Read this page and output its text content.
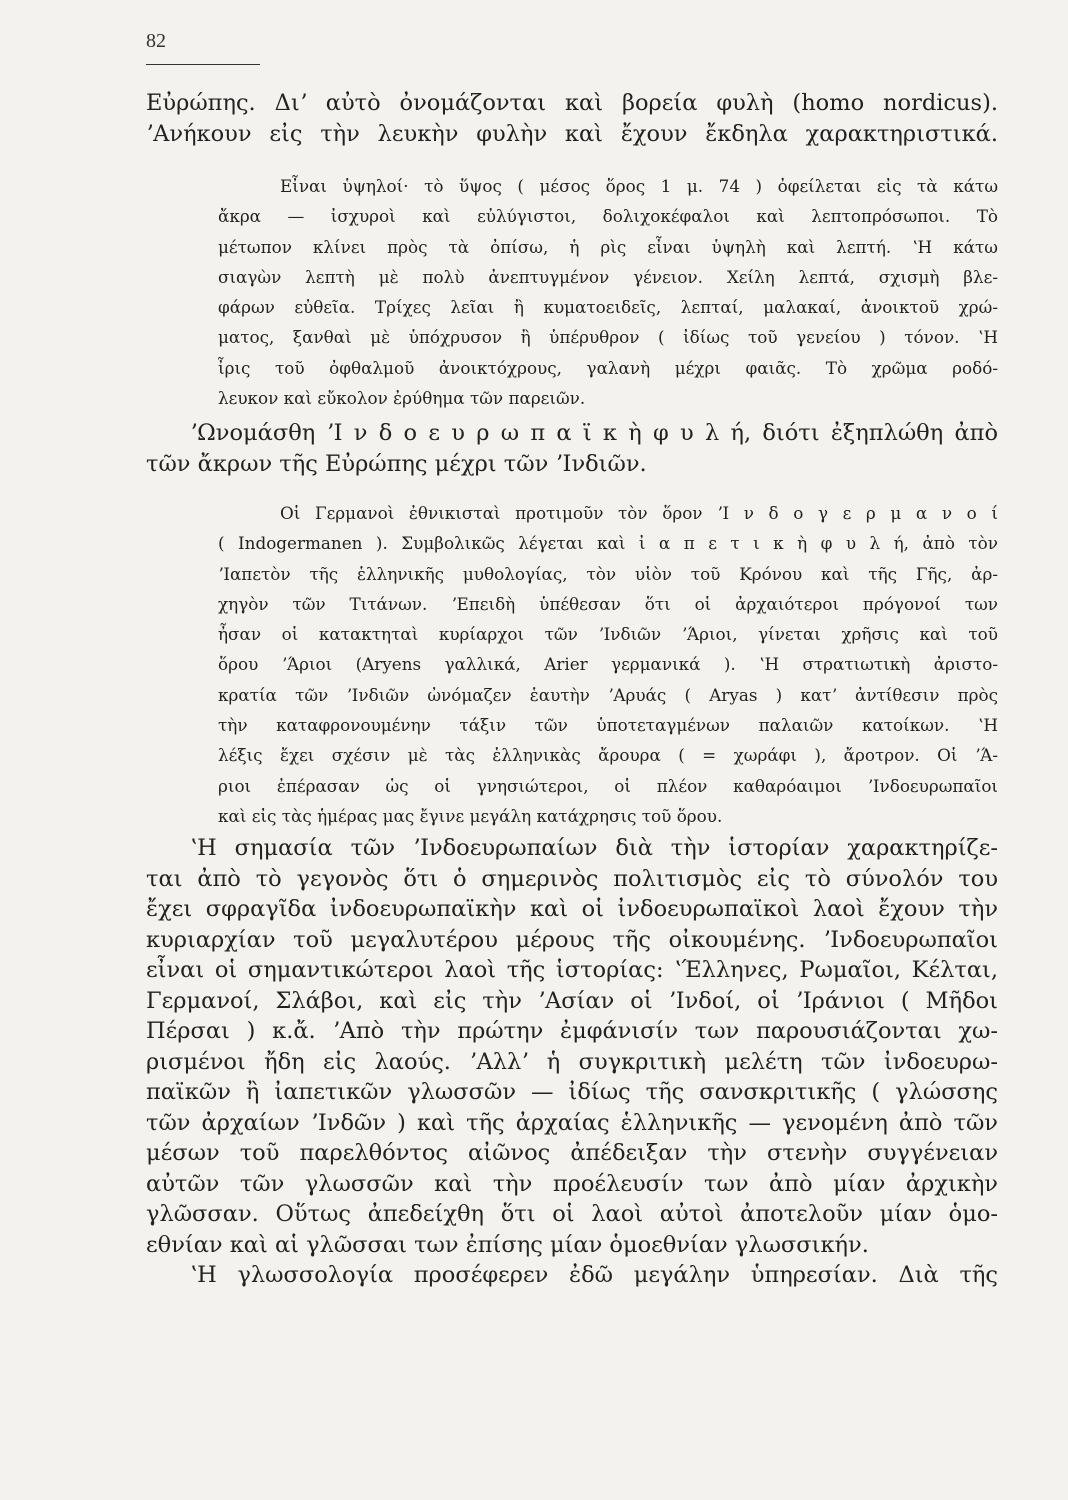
82
Εὐρώπης. Διʼ αὐτὸ ὀνομάζονται καὶ βορεία φυλὴ (homo nordicus).
ʼΑνήκουν εἰς τὴν λευκὴν φυλὴν καὶ ἔχουν ἔκδηλα χαρακτηριστικά.
Εἶναι ὑψηλοί· τὸ ὕψος ( μέσος ὅρος 1 μ. 74 ) ὀφείλεται εἰς τὰ κάτω
ἄκρα — ἰσχυροὶ καὶ εὐλύγιστοι, δολιχοκέφαλοι καὶ λεπτοπρόσωποι. Τὸ
μέτωπον κλίνει πρὸς τὰ ὀπίσω, ἡ ρὶς εἶναι ὑψηλὴ καὶ λεπτή. ʽΗ κάτω
σιαγὼν λεπτὴ μὲ πολὺ ἀνεπτυγμένον γένειον. Χείλη λεπτά, σχισμὴ βλε-
φάρων εὐθεῖα. Τρίχες λεῖαι ἢ κυματοειδεῖς, λεπταί, μαλακαί, ἀνοικτοῦ χρώ-
ματος, ξανθαὶ μὲ ὑπόχρυσον ἢ ὑπέρυθρον ( ἰδίως τοῦ γενείου ) τόνον. ʽΗ
ἶρις τοῦ ὀφθαλμοῦ ἀνοικτόχρους, γαλανὴ μέχρι φαιᾶς. Τὸ χρῶμα ροδό-
λευκον καὶ εὔκολον ἐρύθημα τῶν παρειῶν.
ʼΩνομάσθη ʼΙ ν δ ο ε υ ρ ω π α ϊ κ ὴ φ υ λ ή, διότι ἐξηπλώθη ἀπὸ
τῶν ἄκρων τῆς Εὐρώπης μέχρι τῶν ʼΙνδιῶν.
Οἱ Γερμανοὶ ἐθνικισταὶ προτιμοῦν τὸν ὅρον ʼΙ ν δ ο γ ε ρ μ α ν ο ί
( Indogermanen ). Συμβολικῶς λέγεται καὶ ἰ α π ε τ ι κ ὴ φ υ λ ή, ἀπὸ τὸν
ʼΙαπετὸν τῆς ἑλληνικῆς μυθολογίας, τὸν υἱὸν τοῦ Κρόνου καὶ τῆς Γῆς, ἀρ-
χηγὸν τῶν Τιτάνων. ʼΕπειδὴ ὑπέθεσαν ὅτι οἱ ἀρχαιότεροι πρόγονοί των
ἦσαν οἱ κατακτηταὶ κυρίαρχοι τῶν ʼΙνδιῶν ʼΆριοι, γίνεται χρῆσις καὶ τοῦ
ὅρου ʼΆριοι (Aryens γαλλικά, Arier γερμανικά ). ʽΗ στρατιωτικὴ ἀριστο-
κρατία τῶν ʼΙνδιῶν ὠνόμαζεν ἑαυτὴν ʼΑρυάς ( Aryas ) κατʼ ἀντίθεσιν πρὸς
τὴν καταφρονουμένην τάξιν τῶν ὑποτεταγμένων παλαιῶν κατοίκων. ʽΗ
λέξις ἔχει σχέσιν μὲ τὰς ἑλληνικὰς ἄρουρα ( = χωράφι ), ἄροτρον. Οἱ ʼΆ-
ριοι ἐπέρασαν ὡς οἱ γνησιώτεροι, οἱ πλέον καθαρόαιμοι ʼΙνδοευρωπαῖοι
καὶ εἰς τὰς ἡμέρας μας ἔγινε μεγάλη κατάχρησις τοῦ ὅρου.
ʽΗ σημασία τῶν ʼΙνδοευρωπαίων διὰ τὴν ἱστορίαν χαρακτηρίζε-
ται ἀπὸ τὸ γεγονὸς ὅτι ὁ σημερινὸς πολιτισμὸς εἰς τὸ σύνολόν του
ἔχει σφραγῖδα ἰνδοευρωπαϊκὴν καὶ οἱ ἰνδοευρωπαϊκοὶ λαοὶ ἔχουν τὴν
κυριαρχίαν τοῦ μεγαλυτέρου μέρους τῆς οἰκουμένης. ʼΙνδοευρωπαῖοι
εἶναι οἱ σημαντικώτεροι λαοὶ τῆς ἱστορίας: ʽΈλληνες, Ρωμαῖοι, Κέλται,
Γερμανοί, Σλάβοι, καὶ εἰς τὴν ʼΑσίαν οἱ ʼΙνδοί, οἱ ʼΙράνιοι ( Μῆδοι
Πέρσαι ) κ.ἄ. ʼΑπὸ τὴν πρώτην ἐμφάνισίν των παρουσιάζονται χω-
ρισμένοι ἤδη εἰς λαούς. ʼΑλλʼ ἡ συγκριτικὴ μελέτη τῶν ἰνδοευρω-
παϊκῶν ἢ ἰαπετικῶν γλωσσῶν — ἰδίως τῆς σανσκριτικῆς ( γλώσσης
τῶν ἀρχαίων ʼΙνδῶν ) καὶ τῆς ἀρχαίας ἑλληνικῆς — γενομένη ἀπὸ τῶν
μέσων τοῦ παρελθόντος αἰῶνος ἀπέδειξαν τὴν στενὴν συγγένειαν
αὐτῶν τῶν γλωσσῶν καὶ τὴν προέλευσίν των ἀπὸ μίαν ἀρχικὴν
γλῶσσαν. Οὕτως ἀπεδείχθη ὅτι οἱ λαοὶ αὐτοὶ ἀποτελοῦν μίαν ὁμο-
εθνίαν καὶ αἱ γλῶσσαι των ἐπίσης μίαν ὁμοεθνίαν γλωσσικήν.
ʽΗ γλωσσολογία προσέφερεν ἐδῶ μεγάλην ὑπηρεσίαν. Διὰ τῆς
